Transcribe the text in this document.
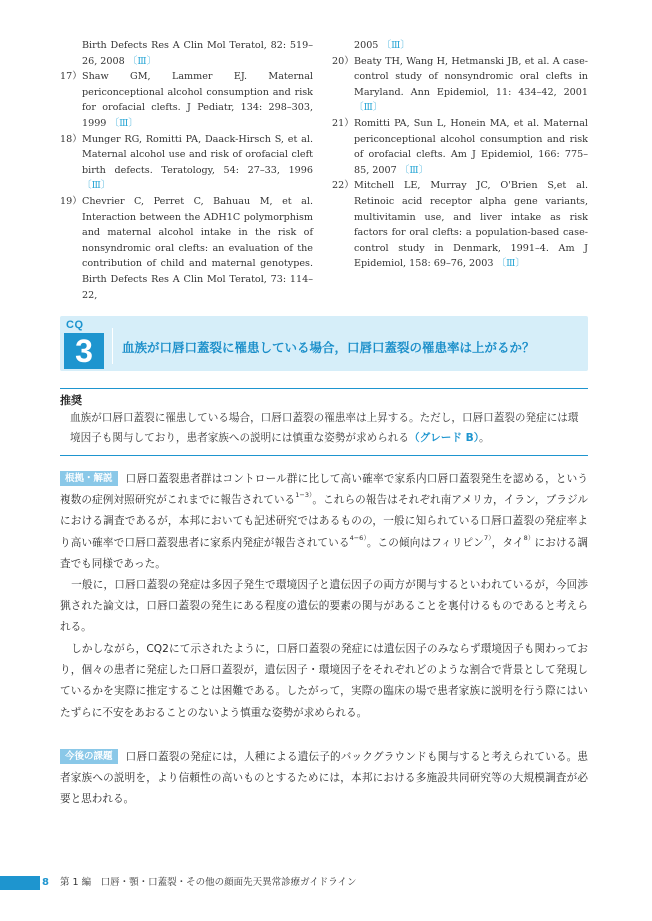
Birth Defects Res A Clin Mol Teratol, 82: 519–26, 2008 〔Ⅲ〕
17） Shaw GM, Lammer EJ. Maternal periconceptional alcohol consumption and risk for orofacial clefts. J Pediatr, 134: 298–303, 1999 〔Ⅲ〕
18） Munger RG, Romitti PA, Daack-Hirsch S, et al. Maternal alcohol use and risk of orofacial cleft birth defects. Teratology, 54: 27–33, 1996 〔Ⅲ〕
19） Chevrier C, Perret C, Bahuau M, et al. Interaction between the ADH1C polymorphism and maternal alcohol intake in the risk of nonsyndromic oral clefts: an evaluation of the contribution of child and maternal genotypes. Birth Defects Res A Clin Mol Teratol, 73: 114–22,
2005 〔Ⅲ〕
20） Beaty TH, Wang H, Hetmanski JB, et al. A case-control study of nonsyndromic oral clefts in Maryland. Ann Epidemiol, 11: 434–42, 2001 〔Ⅲ〕
21） Romitti PA, Sun L, Honein MA, et al. Maternal periconceptional alcohol consumption and risk of orofacial clefts. Am J Epidemiol, 166: 775–85, 2007 〔Ⅲ〕
22） Mitchell LE, Murray JC, O'Brien S,et al. Retinoic acid receptor alpha gene variants, multivitamin use, and liver intake as risk factors for oral clefts: a population-based case-control study in Denmark, 1991–4. Am J Epidemiol, 158: 69–76, 2003 〔Ⅲ〕
CQ
3	血族が口唇口蓋裂に罹患している場合，口唇口蓋裂の罹患率は上がるか？
推奨
血族が口唇口蓋裂に罹患している場合，口唇口蓋裂の罹患率は上昇する。ただし，口唇口蓋裂の発症には環境因子も関与しており，患者家族への説明には慎重な姿勢が求められる（グレード B）。
根拠・解説 口唇口蓋裂患者群はコントロール群に比して高い確率で家系内口唇口蓋裂発生を認める，という複数の症例対照研究がこれまでに報告されている$^{1-3)}$。これらの報告はそれぞれ南アメリカ，イラン，ブラジルにおける調査であるが，本邦においても記述研究ではあるものの，一般に知られている口唇口蓋裂の発症率より高い確率で口唇口蓋裂患者に家系内発症が報告されている$^{4-6)}$。この傾向はフィリピン$^{7)}$，タイ$^{8)}$における調査でも同様であった。
一般に，口唇口蓋裂の発症は多因子発生で環境因子と遺伝因子の両方が関与するといわれているが，今回渉猟された論文は，口唇口蓋裂の発生にある程度の遺伝的要素の関与があることを裏付けるものであると考えられる。
しかしながら，CQ2にて示されたように，口唇口蓋裂の発症には遺伝因子のみならず環境因子も関わっており，個々の患者に発症した口唇口蓋裂が，遺伝因子・環境因子をそれぞれどのような割合で背景として発現しているかを実際に推定することは困難である。したがって，実際の臨床の場で患者家族に説明を行う際にはいたずらに不安をあおることのないよう慎重な姿勢が求められる。
今後の課題 口唇口蓋裂の発症には，人種による遺伝子的バックグラウンドも関与すると考えられている。患者家族への説明を，より信頼性の高いものとするためには，本邦における多施設共同研究等の大規模調査が必要と思われる。
8 第 1 編　口唇・顎・口蓋裂・その他の顔面先天異常診療ガイドライン
